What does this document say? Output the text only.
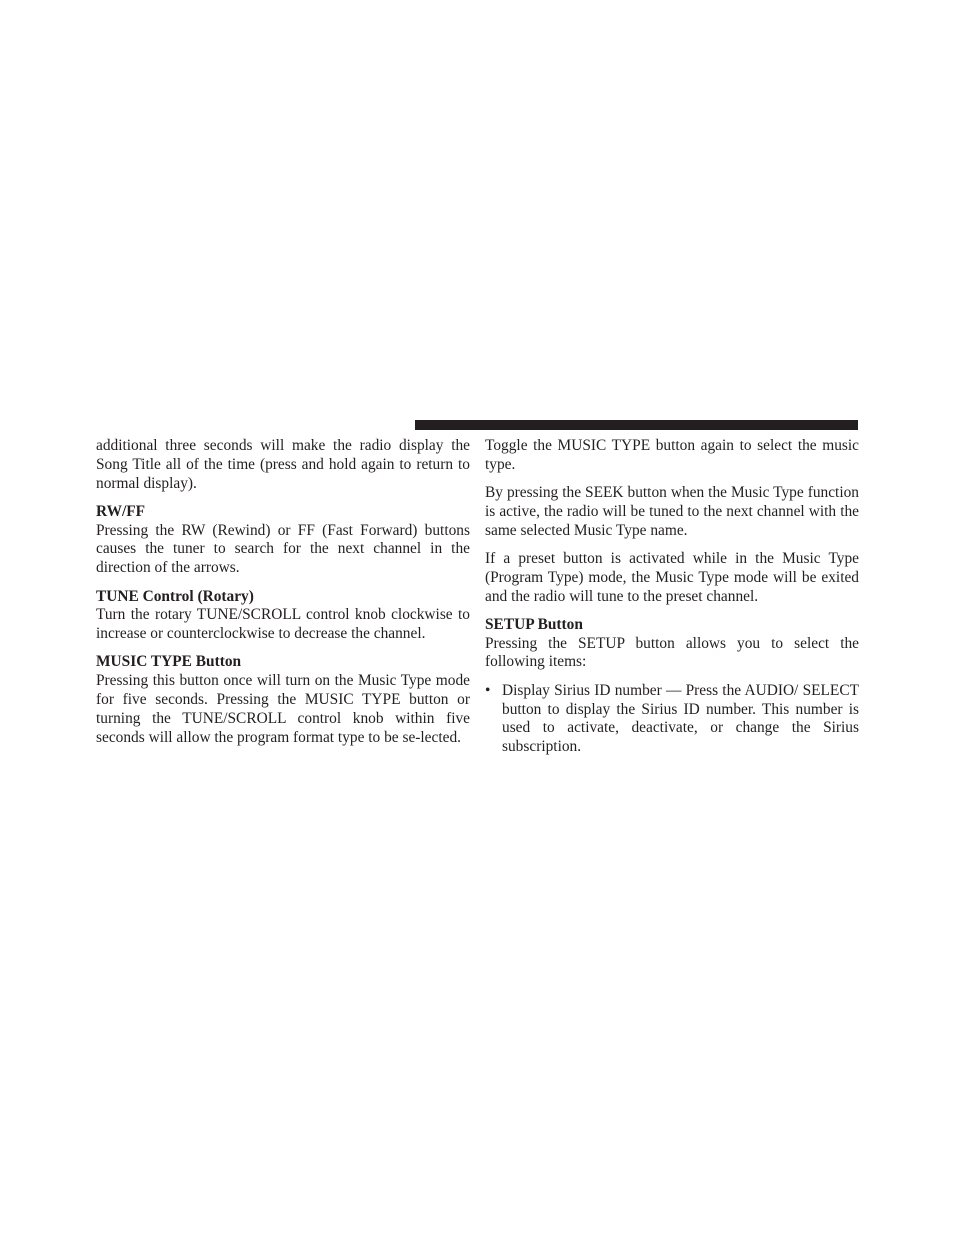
additional three seconds will make the radio display the Song Title all of the time (press and hold again to return to normal display).

RW/FF

Pressing the RW (Rewind) or FF (Fast Forward) buttons causes the tuner to search for the next channel in the direction of the arrows.

TUNE Control (Rotary)

Turn the rotary TUNE/SCROLL control knob clockwise to increase or counterclockwise to decrease the channel.

MUSIC TYPE Button

Pressing this button once will turn on the Music Type mode for five seconds. Pressing the MUSIC TYPE button or turning the TUNE/SCROLL control knob within five seconds will allow the program format type to be se-lected.

Toggle the MUSIC TYPE button again to select the music type.

By pressing the SEEK button when the Music Type function is active, the radio will be tuned to the next channel with the same selected Music Type name.

If a preset button is activated while in the Music Type (Program Type) mode, the Music Type mode will be exited and the radio will tune to the preset channel.

SETUP Button

Pressing the SETUP button allows you to select the following items:

• Display Sirius ID number — Press the AUDIO/ SELECT button to display the Sirius ID number. This number is used to activate, deactivate, or change the Sirius subscription.
